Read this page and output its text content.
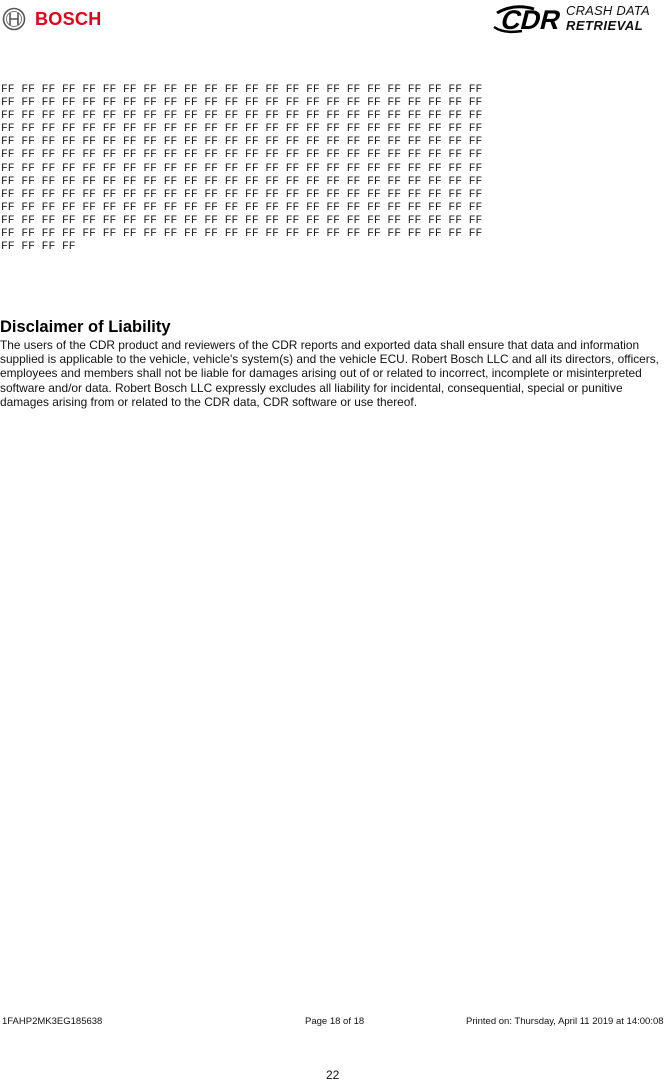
BOSCH	CDR CRASH DATA
RETRIEVAL
FF FF FF FF FF FF FF FF FF FF FF FF FF FF FF FF FF FF FF FF FF FF FF FF
FF FF FF FF FF FF FF FF FF FF FF FF FF FF FF FF FF FF FF FF FF FF FF FF
FF FF FF FF FF FF FF FF FF FF FF FF FF FF FF FF FF FF FF FF FF FF FF FF
FF FF FF FF FF FF FF FF FF FF FF FF FF FF FF FF FF FF FF FF FF FF FF FF
FF FF FF FF FF FF FF FF FF FF FF FF FF FF FF FF FF FF FF FF FF FF FF FF
FF FF FF FF FF FF FF FF FF FF FF FF FF FF FF FF FF FF FF FF FF FF FF FF
FF FF FF FF FF FF FF FF FF FF FF FF FF FF FF FF FF FF FF FF FF FF FF FF
FF FF FF FF FF FF FF FF FF FF FF FF FF FF FF FF FF FF FF FF FF FF FF FF
FF FF FF FF FF FF FF FF FF FF FF FF FF FF FF FF FF FF FF FF FF FF FF FF
FF FF FF FF FF FF FF FF FF FF FF FF FF FF FF FF FF FF FF FF FF FF FF FF
FF FF FF FF FF FF FF FF FF FF FF FF FF FF FF FF FF FF FF FF FF FF FF FF
FF FF FF FF FF FF FF FF FF FF FF FF FF FF FF FF FF FF FF FF FF FF FF FF
FF FF FF FF
Disclaimer of Liability
The users of the CDR product and reviewers of the CDR reports and exported data shall ensure that data and information supplied is applicable to the vehicle, vehicle's system(s) and the vehicle ECU. Robert Bosch LLC and all its directors, officers, employees and members shall not be liable for damages arising out of or related to incorrect, incomplete or misinterpreted software and/or data. Robert Bosch LLC expressly excludes all liability for incidental, consequential, special or punitive damages arising from or related to the CDR data, CDR software or use thereof.
1FAHP2MK3EG185638	Page 18 of 18	Printed on: Thursday, April 11 2019 at 14:00:08
22
